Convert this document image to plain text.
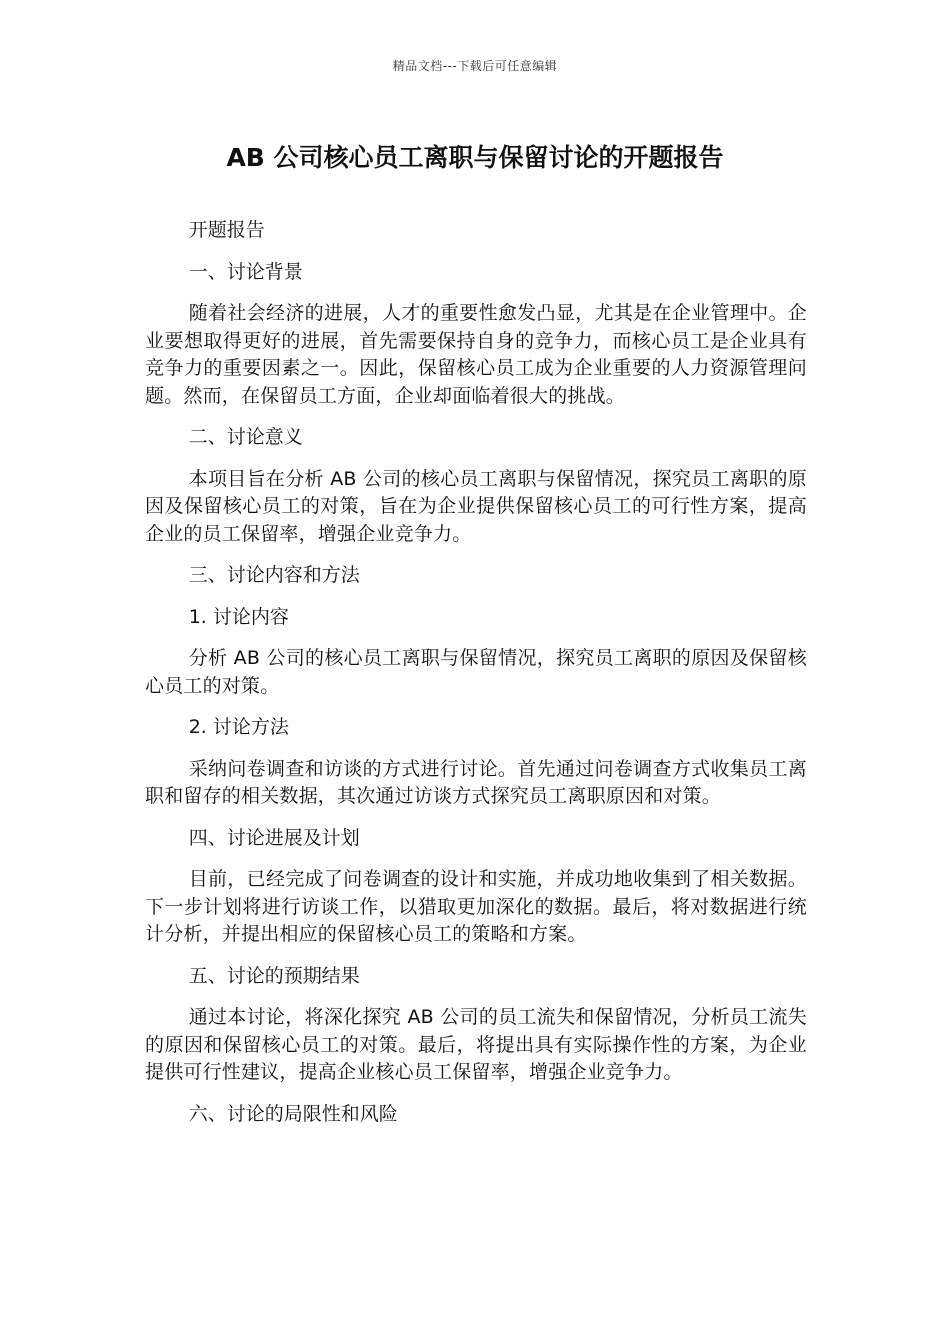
精品文档---下载后可任意编辑
AB 公司核心员工离职与保留讨论的开题报告

开题报告

一、讨论背景

随着社会经济的进展，人才的重要性愈发凸显，尤其是在企业管理中。企业要想取得更好的进展，首先需要保持自身的竞争力，而核心员工是企业具有竞争力的重要因素之一。因此，保留核心员工成为企业重要的人力资源管理问题。然而，在保留员工方面，企业却面临着很大的挑战。

二、讨论意义

本项目旨在分析 AB 公司的核心员工离职与保留情况，探究员工离职的原因及保留核心员工的对策，旨在为企业提供保留核心员工的可行性方案，提高企业的员工保留率，增强企业竞争力。

三、讨论内容和方法

1. 讨论内容

分析 AB 公司的核心员工离职与保留情况，探究员工离职的原因及保留核心员工的对策。

2. 讨论方法

采纳问卷调查和访谈的方式进行讨论。首先通过问卷调查方式收集员工离职和留存的相关数据，其次通过访谈方式探究员工离职原因和对策。

四、讨论进展及计划

目前，已经完成了问卷调查的设计和实施，并成功地收集到了相关数据。下一步计划将进行访谈工作，以猎取更加深化的数据。最后，将对数据进行统计分析，并提出相应的保留核心员工的策略和方案。

五、讨论的预期结果

通过本讨论，将深化探究 AB 公司的员工流失和保留情况，分析员工流失的原因和保留核心员工的对策。最后，将提出具有实际操作性的方案，为企业提供可行性建议，提高企业核心员工保留率，增强企业竞争力。

六、讨论的局限性和风险
